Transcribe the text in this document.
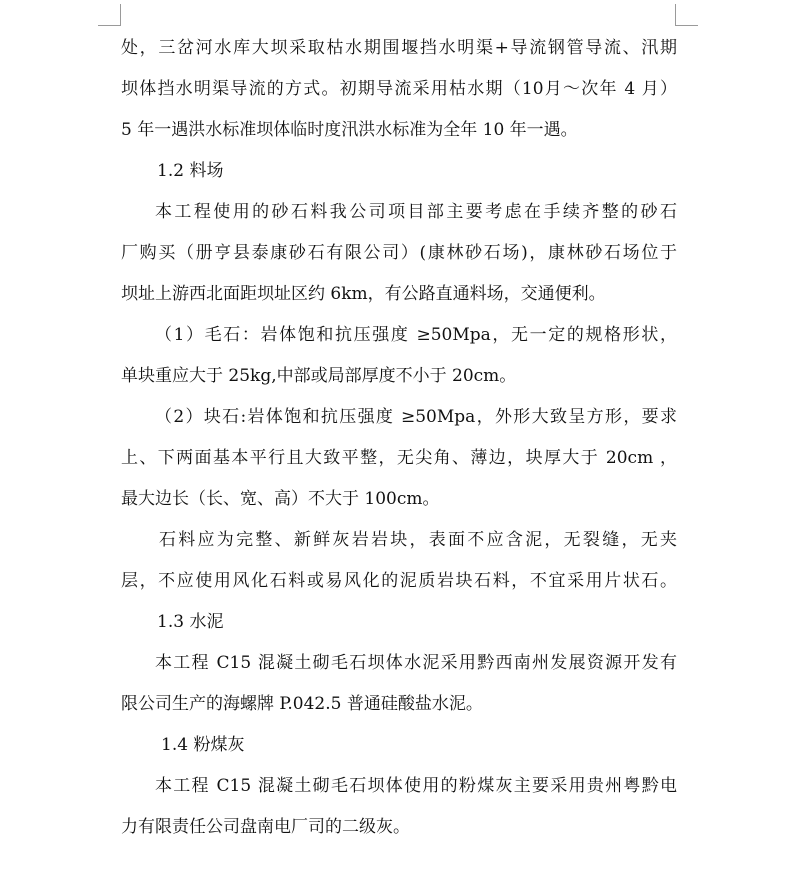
处，三岔河水库大坝采取枯水期围堰挡水明渠+导流钢管导流、汛期
坝体挡水明渠导流的方式。初期导流采用枯水期（10月～次年 4 月）
5 年一遇洪水标准坝体临时度汛洪水标准为全年 10 年一遇。
1.2 料场
本工程使用的砂石料我公司项目部主要考虑在手续齐整的砂石
厂购买（册亨县泰康砂石有限公司）(康林砂石场)，康林砂石场位于
坝址上游西北面距坝址区约 6km，有公路直通料场，交通便利。
（1）毛石：岩体饱和抗压强度 ≥50Mpa，无一定的规格形状，
单块重应大于 25kg,中部或局部厚度不小于 20cm。
（2）块石:岩体饱和抗压强度 ≥50Mpa，外形大致呈方形，要求
上、下两面基本平行且大致平整，无尖角、薄边，块厚大于 20cm ，
最大边长（长、宽、高）不大于 100cm。
石料应为完整、新鲜灰岩岩块，表面不应含泥，无裂缝，无夹
层，不应使用风化石料或易风化的泥质岩块石料，不宜采用片状石。
1.3 水泥
本工程 C15 混凝土砌毛石坝体水泥采用黔西南州发展资源开发有
限公司生产的海螺牌 P.042.5 普通硅酸盐水泥。
1.4 粉煤灰
本工程 C15 混凝土砌毛石坝体使用的粉煤灰主要采用贵州粤黔电
力有限责任公司盘南电厂司的二级灰。
